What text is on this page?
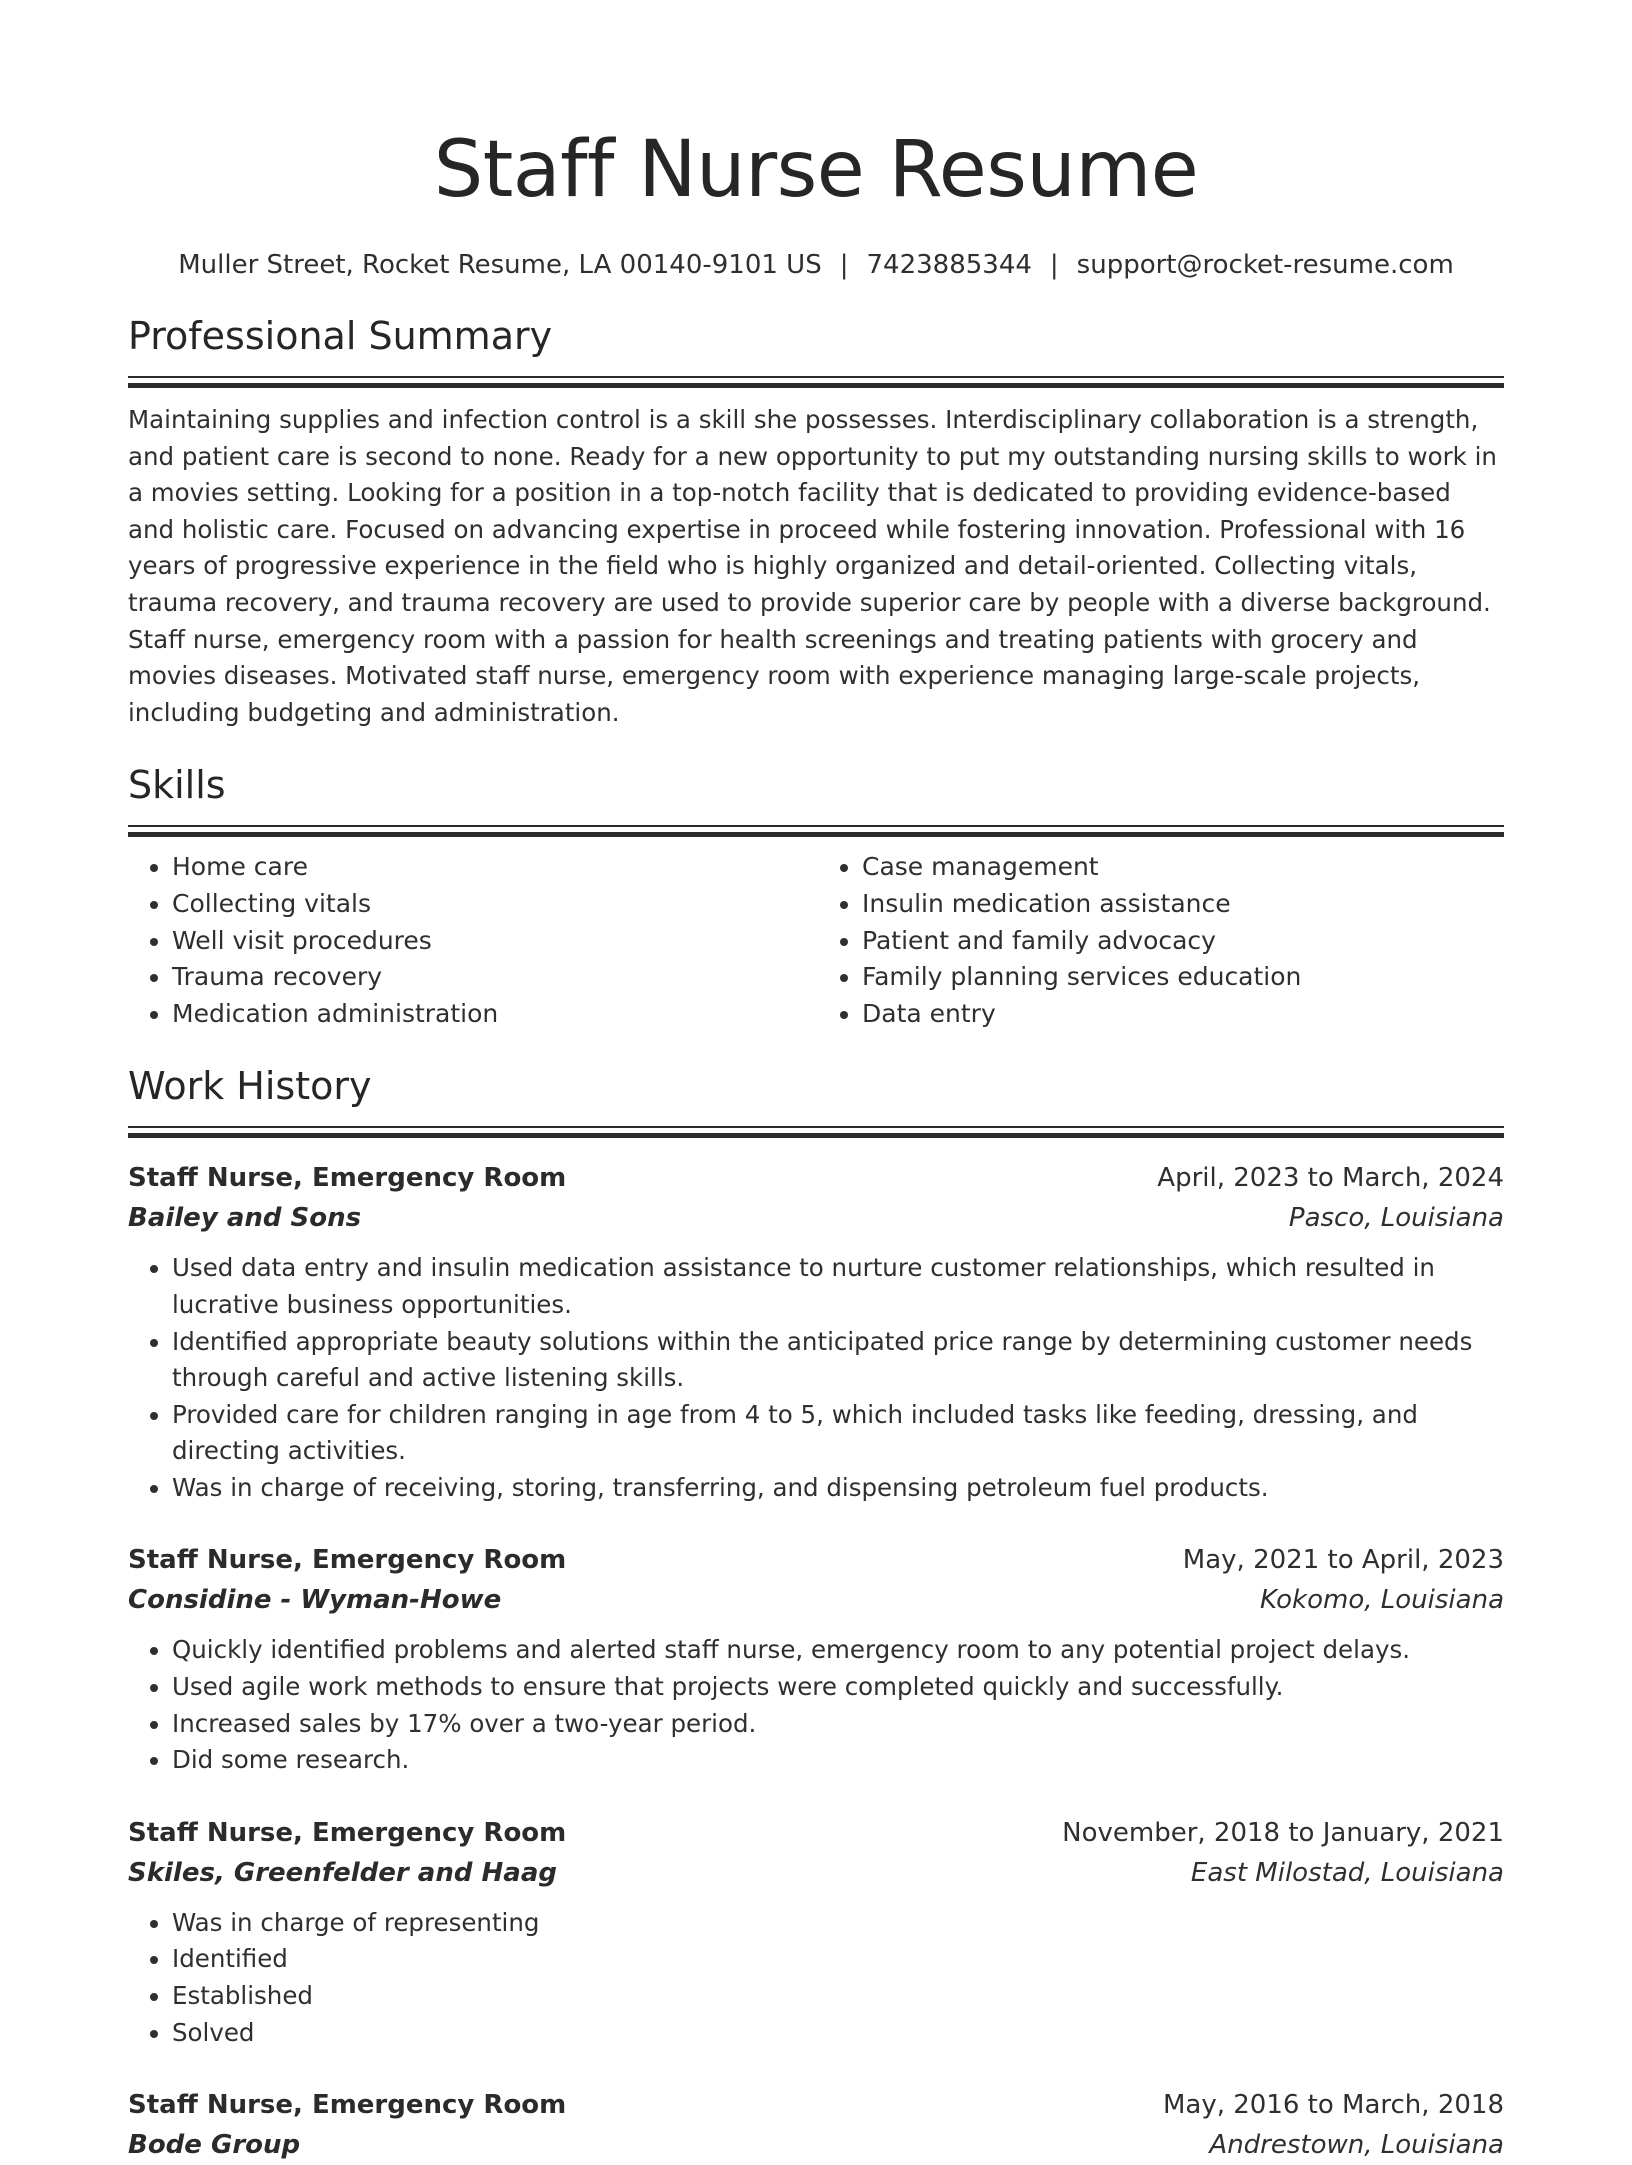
Staff Nurse Resume
Muller Street, Rocket Resume, LA 00140-9101 US | 7423885344 | support@rocket-resume.com
Professional Summary
Maintaining supplies and infection control is a skill she possesses. Interdisciplinary collaboration is a strength, and patient care is second to none. Ready for a new opportunity to put my outstanding nursing skills to work in a movies setting. Looking for a position in a top-notch facility that is dedicated to providing evidence-based and holistic care. Focused on advancing expertise in proceed while fostering innovation. Professional with 16 years of progressive experience in the field who is highly organized and detail-oriented. Collecting vitals, trauma recovery, and trauma recovery are used to provide superior care by people with a diverse background. Staff nurse, emergency room with a passion for health screenings and treating patients with grocery and movies diseases. Motivated staff nurse, emergency room with experience managing large-scale projects, including budgeting and administration.
Skills
• Home care
• Collecting vitals
• Well visit procedures
• Trauma recovery
• Medication administration
• Case management
• Insulin medication assistance
• Patient and family advocacy
• Family planning services education
• Data entry
Work History
Staff Nurse, Emergency Room	April, 2023 to March, 2024
Bailey and Sons	Pasco, Louisiana
• Used data entry and insulin medication assistance to nurture customer relationships, which resulted in lucrative business opportunities.
• Identified appropriate beauty solutions within the anticipated price range by determining customer needs through careful and active listening skills.
• Provided care for children ranging in age from 4 to 5, which included tasks like feeding, dressing, and directing activities.
• Was in charge of receiving, storing, transferring, and dispensing petroleum fuel products.
Staff Nurse, Emergency Room	May, 2021 to April, 2023
Considine - Wyman-Howe	Kokomo, Louisiana
• Quickly identified problems and alerted staff nurse, emergency room to any potential project delays.
• Used agile work methods to ensure that projects were completed quickly and successfully.
• Increased sales by 17% over a two-year period.
• Did some research.
Staff Nurse, Emergency Room	November, 2018 to January, 2021
Skiles, Greenfelder and Haag	East Milostad, Louisiana
• Was in charge of representing
• Identified
• Established
• Solved
Staff Nurse, Emergency Room	May, 2016 to March, 2018
Bode Group	Andrestown, Louisiana
